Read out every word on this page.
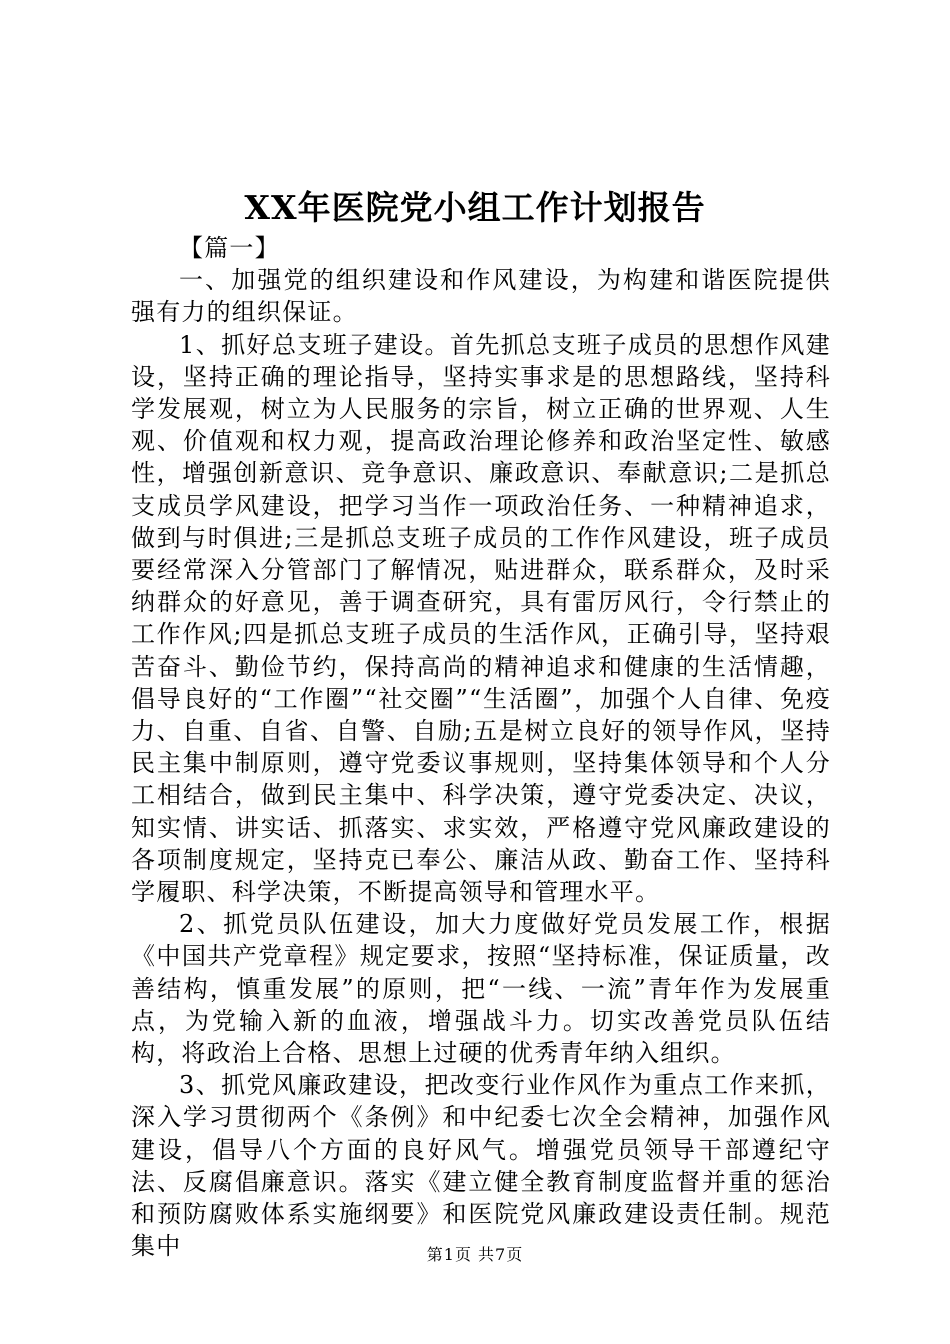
XX年医院党小组工作计划报告

【篇一】

一、加强党的组织建设和作风建设，为构建和谐医院提供强有力的组织保证。

1、抓好总支班子建设。首先抓总支班子成员的思想作风建设，坚持正确的理论指导，坚持实事求是的思想路线，坚持科学发展观，树立为人民服务的宗旨，树立正确的世界观、人生观、价值观和权力观，提高政治理论修养和政治坚定性、敏感性，增强创新意识、竞争意识、廉政意识、奉献意识;二是抓总支成员学风建设，把学习当作一项政治任务、一种精神追求，做到与时俱进;三是抓总支班子成员的工作作风建设，班子成员要经常深入分管部门了解情况，贴进群众，联系群众，及时采纳群众的好意见，善于调查研究，具有雷厉风行，令行禁止的工作作风;四是抓总支班子成员的生活作风，正确引导，坚持艰苦奋斗、勤俭节约，保持高尚的精神追求和健康的生活情趣，倡导良好的“工作圈”“社交圈”“生活圈”，加强个人自律、免疫力、自重、自省、自警、自励;五是树立良好的领导作风，坚持民主集中制原则，遵守党委议事规则，坚持集体领导和个人分工相结合，做到民主集中、科学决策，遵守党委决定、决议，知实情、讲实话、抓落实、求实效，严格遵守党风廉政建设的各项制度规定，坚持克已奉公、廉洁从政、勤奋工作、坚持科学履职、科学决策，不断提高领导和管理水平。

2、抓党员队伍建设，加大力度做好党员发展工作，根据《中国共产党章程》规定要求，按照“坚持标准，保证质量，改善结构，慎重发展”的原则，把“一线、一流”青年作为发展重点，为党输入新的血液，增强战斗力。切实改善党员队伍结构，将政治上合格、思想上过硬的优秀青年纳入组织。

3、抓党风廉政建设，把改变行业作风作为重点工作来抓，深入学习贯彻两个《条例》和中纪委七次全会精神，加强作风建设，倡导八个方面的良好风气。增强党员领导干部遵纪守法、反腐倡廉意识。落实《建立健全教育制度监督并重的惩治和预防腐败体系实施纲要》和医院党风廉政建设责任制。规范集中	第1页 共7页
